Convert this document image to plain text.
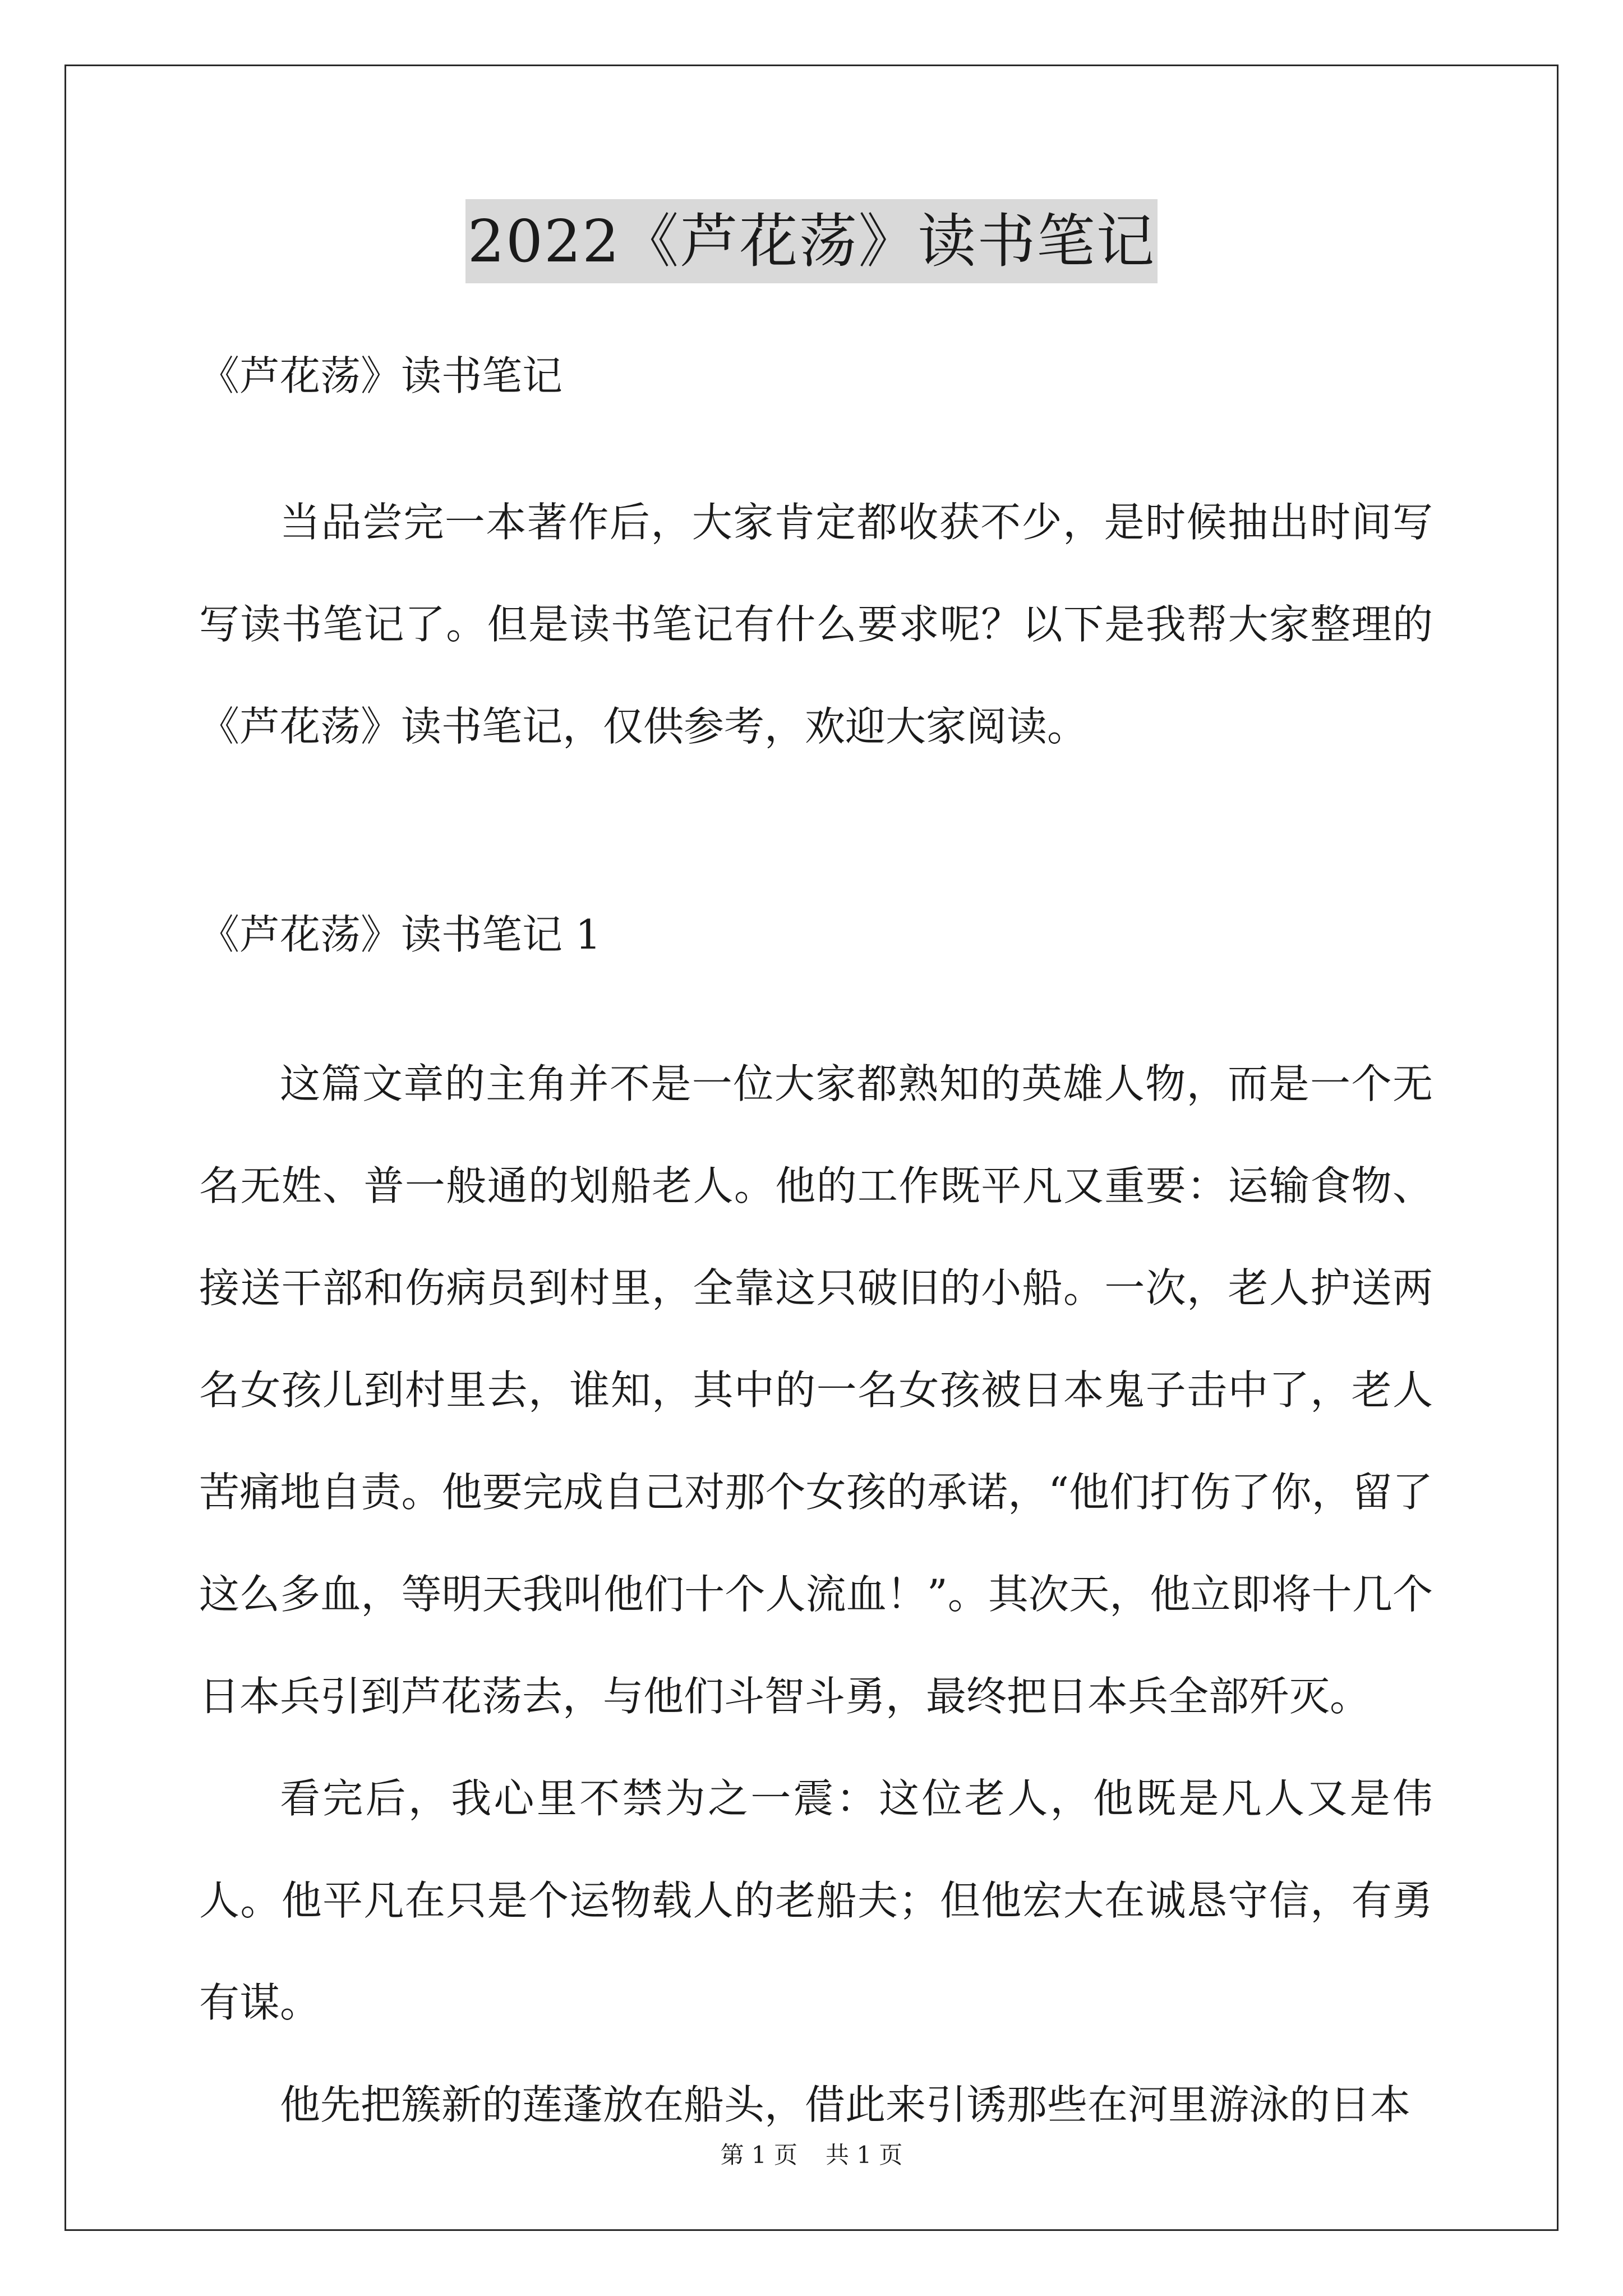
2022《芦花荡》读书笔记

《芦花荡》读书笔记

当品尝完一本著作后，大家肯定都收获不少，是时候抽出时间写写读书笔记了。但是读书笔记有什么要求呢？以下是我帮大家整理的《芦花荡》读书笔记，仅供参考，欢迎大家阅读。

《芦花荡》读书笔记 1

这篇文章的主角并不是一位大家都熟知的英雄人物，而是一个无名无姓、普一般通的划船老人。他的工作既平凡又重要：运输食物、接送干部和伤病员到村里，全靠这只破旧的小船。一次，老人护送两名女孩儿到村里去，谁知，其中的一名女孩被日本鬼子击中了，老人苦痛地自责。他要完成自己对那个女孩的承诺，“他们打伤了你，留了这么多血，等明天我叫他们十个人流血！”。其次天，他立即将十几个日本兵引到芦花荡去，与他们斗智斗勇，最终把日本兵全部歼灭。

看完后，我心里不禁为之一震：这位老人，他既是凡人又是伟人。他平凡在只是个运物载人的老船夫；但他宏大在诚恳守信，有勇有谋。

他先把簇新的莲蓬放在船头，借此来引诱那些在河里游泳的日本

第 1 页 共 1 页
